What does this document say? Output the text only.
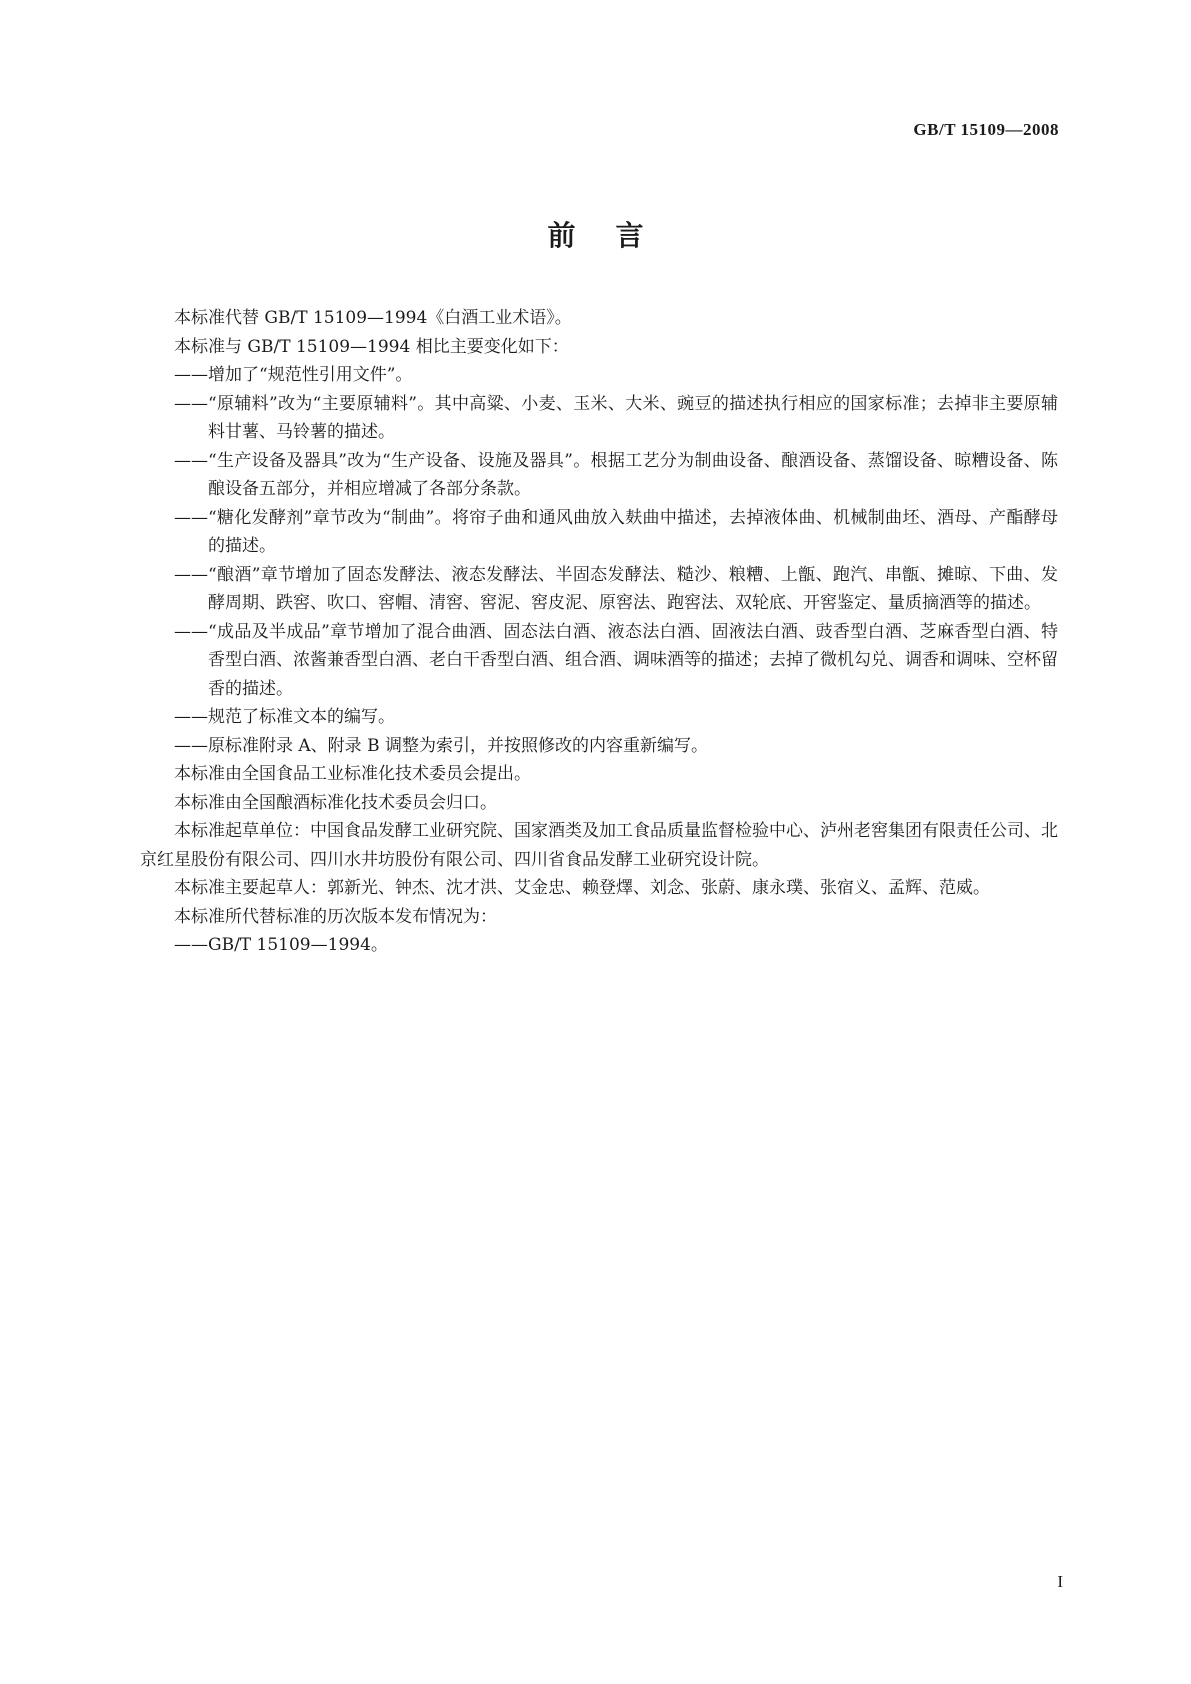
GB/T 15109—2008
前言

本标准代替 GB/T 15109—1994《白酒工业术语》。

本标准与 GB/T 15109—1994 相比主要变化如下：

—— 增加了“规范性引用文件”。
—— “原辅料”改为“主要原辅料”。其中高粱、小麦、玉米、大米、豌豆的描述执行相应的国家标准；去掉非主要原辅料甘薯、马铃薯的描述。
—— “生产设备及器具”改为“生产设备、设施及器具”。根据工艺分为制曲设备、酿酒设备、蒸馏设备、晾糟设备、陈酿设备五部分，并相应增减了各部分条款。
—— “糖化发酵剂”章节改为“制曲”。将帘子曲和通风曲放入麸曲中描述，去掉液体曲、机械制曲坯、酒母、产酯酵母的描述。
—— “酿酒”章节增加了固态发酵法、液态发酵法、半固态发酵法、糙沙、粮糟、上甑、跑汽、串甑、摊晾、下曲、发酵周期、跌窖、吹口、窖帽、清窖、窖泥、窖皮泥、原窖法、跑窖法、双轮底、开窖鉴定、量质摘酒等的描述。
—— “成品及半成品”章节增加了混合曲酒、固态法白酒、液态法白酒、固液法白酒、豉香型白酒、芝麻香型白酒、特香型白酒、浓酱兼香型白酒、老白干香型白酒、组合酒、调味酒等的描述；去掉了微机勾兑、调香和调味、空杯留香的描述。
—— 规范了标准文本的编写。
—— 原标准附录 A、附录 B 调整为索引，并按照修改的内容重新编写。

本标准由全国食品工业标准化技术委员会提出。

本标准由全国酿酒标准化技术委员会归口。

本标准起草单位：中国食品发酵工业研究院、国家酒类及加工食品质量监督检验中心、泸州老窖集团有限责任公司、北京红星股份有限公司、四川水井坊股份有限公司、四川省食品发酵工业研究设计院。

本标准主要起草人：郭新光、钟杰、沈才洪、艾金忠、赖登燡、刘念、张蔚、康永璞、张宿义、孟辉、范威。

本标准所代替标准的历次版本发布情况为：

—— GB/T 15109—1994。
I
